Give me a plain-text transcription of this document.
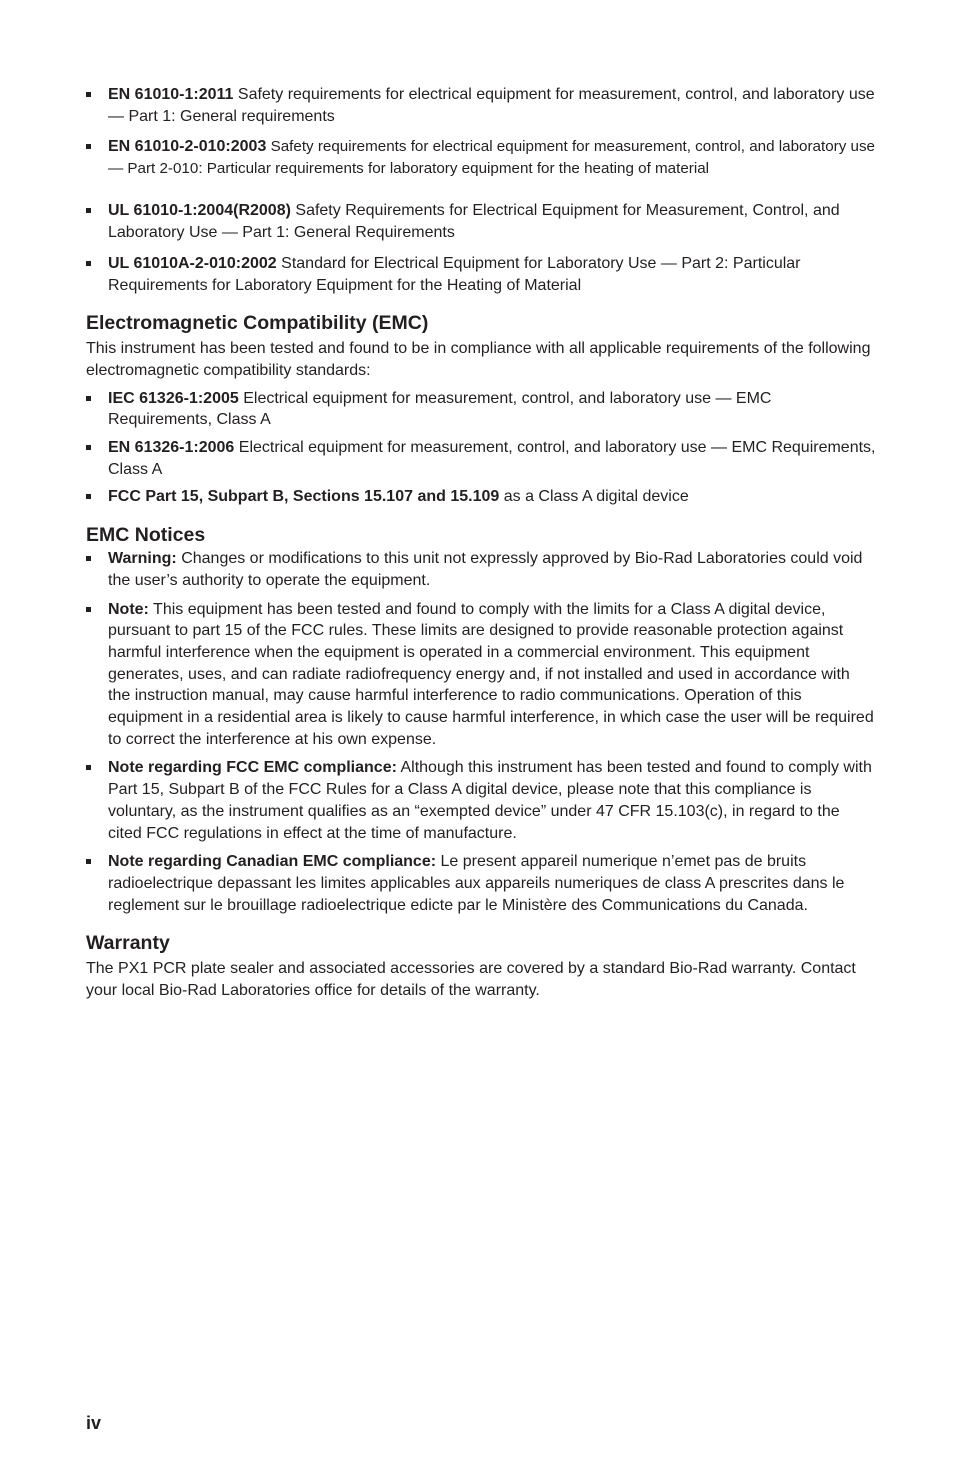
EN 61010-1:2011 Safety requirements for electrical equipment for measurement, control, and laboratory use — Part 1: General requirements
EN 61010-2-010:2003 Safety requirements for electrical equipment for measurement, control, and laboratory use — Part 2-010: Particular requirements for laboratory equipment for the heating of material
UL 61010-1:2004(R2008) Safety Requirements for Electrical Equipment for Measurement, Control, and Laboratory Use — Part 1: General Requirements
UL 61010A-2-010:2002 Standard for Electrical Equipment for Laboratory Use — Part 2: Particular Requirements for Laboratory Equipment for the Heating of Material
Electromagnetic Compatibility (EMC)

This instrument has been tested and found to be in compliance with all applicable requirements of the following electromagnetic compatibility standards:

IEC 61326-1:2005 Electrical equipment for measurement, control, and laboratory use — EMC Requirements, Class A
EN 61326-1:2006 Electrical equipment for measurement, control, and laboratory use — EMC Requirements, Class A
FCC Part 15, Subpart B, Sections 15.107 and 15.109 as a Class A digital device
EMC Notices
Warning: Changes or modifications to this unit not expressly approved by Bio-Rad Laboratories could void the user’s authority to operate the equipment.
Note: This equipment has been tested and found to comply with the limits for a Class A digital device, pursuant to part 15 of the FCC rules. These limits are designed to provide reasonable protection against harmful interference when the equipment is operated in a commercial environment. This equipment generates, uses, and can radiate radiofrequency energy and, if not installed and used in accordance with the instruction manual, may cause harmful interference to radio communications. Operation of this equipment in a residential area is likely to cause harmful interference, in which case the user will be required to correct the interference at his own expense.
Note regarding FCC EMC compliance: Although this instrument has been tested and found to comply with Part 15, Subpart B of the FCC Rules for a Class A digital device, please note that this compliance is voluntary, as the instrument qualifies as an “exempted device” under 47 CFR 15.103(c), in regard to the cited FCC regulations in effect at the time of manufacture.
Note regarding Canadian EMC compliance: Le present appareil numerique n’emet pas de bruits radioelectrique depassant les limites applicables aux appareils numeriques de class A prescrites dans le reglement sur le brouillage radioelectrique edicte par le Ministère des Communications du Canada.
Warranty

The PX1 PCR plate sealer and associated accessories are covered by a standard Bio-Rad warranty. Contact your local Bio-Rad Laboratories office for details of the warranty.

iv
